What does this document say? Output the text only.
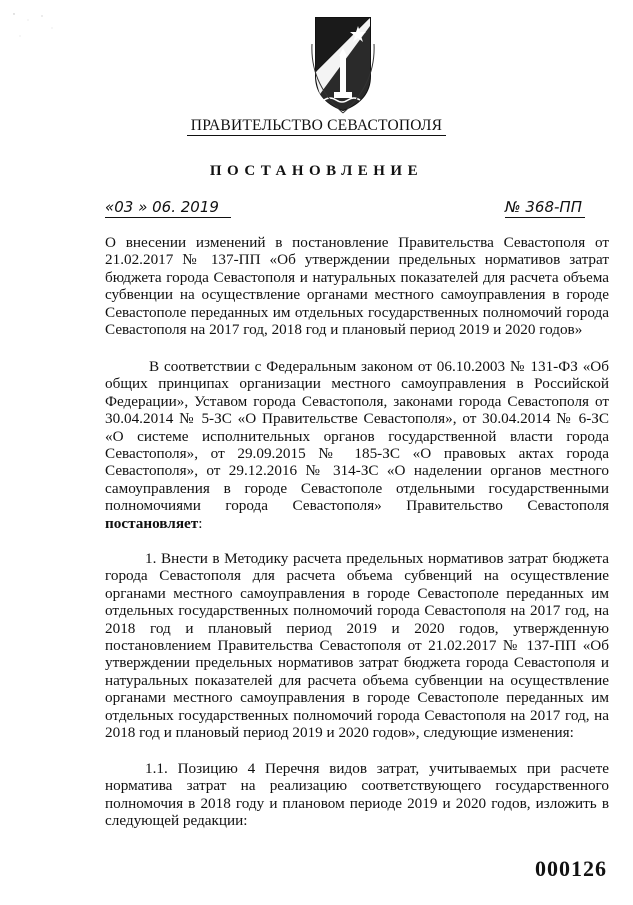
ПРАВИТЕЛЬСТВО СЕВАСТОПОЛЯ
ПОСТАНОВЛЕНИЕ
«03 » 06. 2019	№ 368-ПП

О внесении изменений в постановление Правительства Севастополя от 21.02.2017 № 137-ПП «Об утверждении предельных нормативов затрат бюджета города Севастополя и натуральных показателей для расчета объема субвенции на осуществление органами местного самоуправления в городе Севастополе переданных им отдельных государственных полномочий города Севастополя на 2017 год, 2018 год и плановый период 2019 и 2020 годов»

В соответствии с Федеральным законом от 06.10.2003 № 131-ФЗ «Об общих принципах организации местного самоуправления в Российской Федерации», Уставом города Севастополя, законами города Севастополя от 30.04.2014 № 5-ЗС «О Правительстве Севастополя», от 30.04.2014 № 6-ЗС «О системе исполнительных органов государственной власти города Севастополя», от 29.09.2015 № 185-ЗС «О правовых актах города Севастополя», от 29.12.2016 № 314-ЗС «О наделении органов местного самоуправления в городе Севастополе отдельными государственными полномочиями города Севастополя» Правительство Севастополя постановляет:

1. Внести в Методику расчета предельных нормативов затрат бюджета города Севастополя для расчета объема субвенций на осуществление органами местного самоуправления в городе Севастополе переданных им отдельных государственных полномочий города Севастополя на 2017 год, на 2018 год и плановый период 2019 и 2020 годов, утвержденную постановлением Правительства Севастополя от 21.02.2017 № 137-ПП «Об утверждении предельных нормативов затрат бюджета города Севастополя и натуральных показателей для расчета объема субвенции на осуществление органами местного самоуправления в городе Севастополе переданных им отдельных государственных полномочий города Севастополя на 2017 год, на 2018 год и плановый период 2019 и 2020 годов», следующие изменения:

1.1. Позицию 4 Перечня видов затрат, учитываемых при расчете норматива затрат на реализацию соответствующего государственного полномочия в 2018 году и плановом периоде 2019 и 2020 годов, изложить в следующей редакции:

000126
